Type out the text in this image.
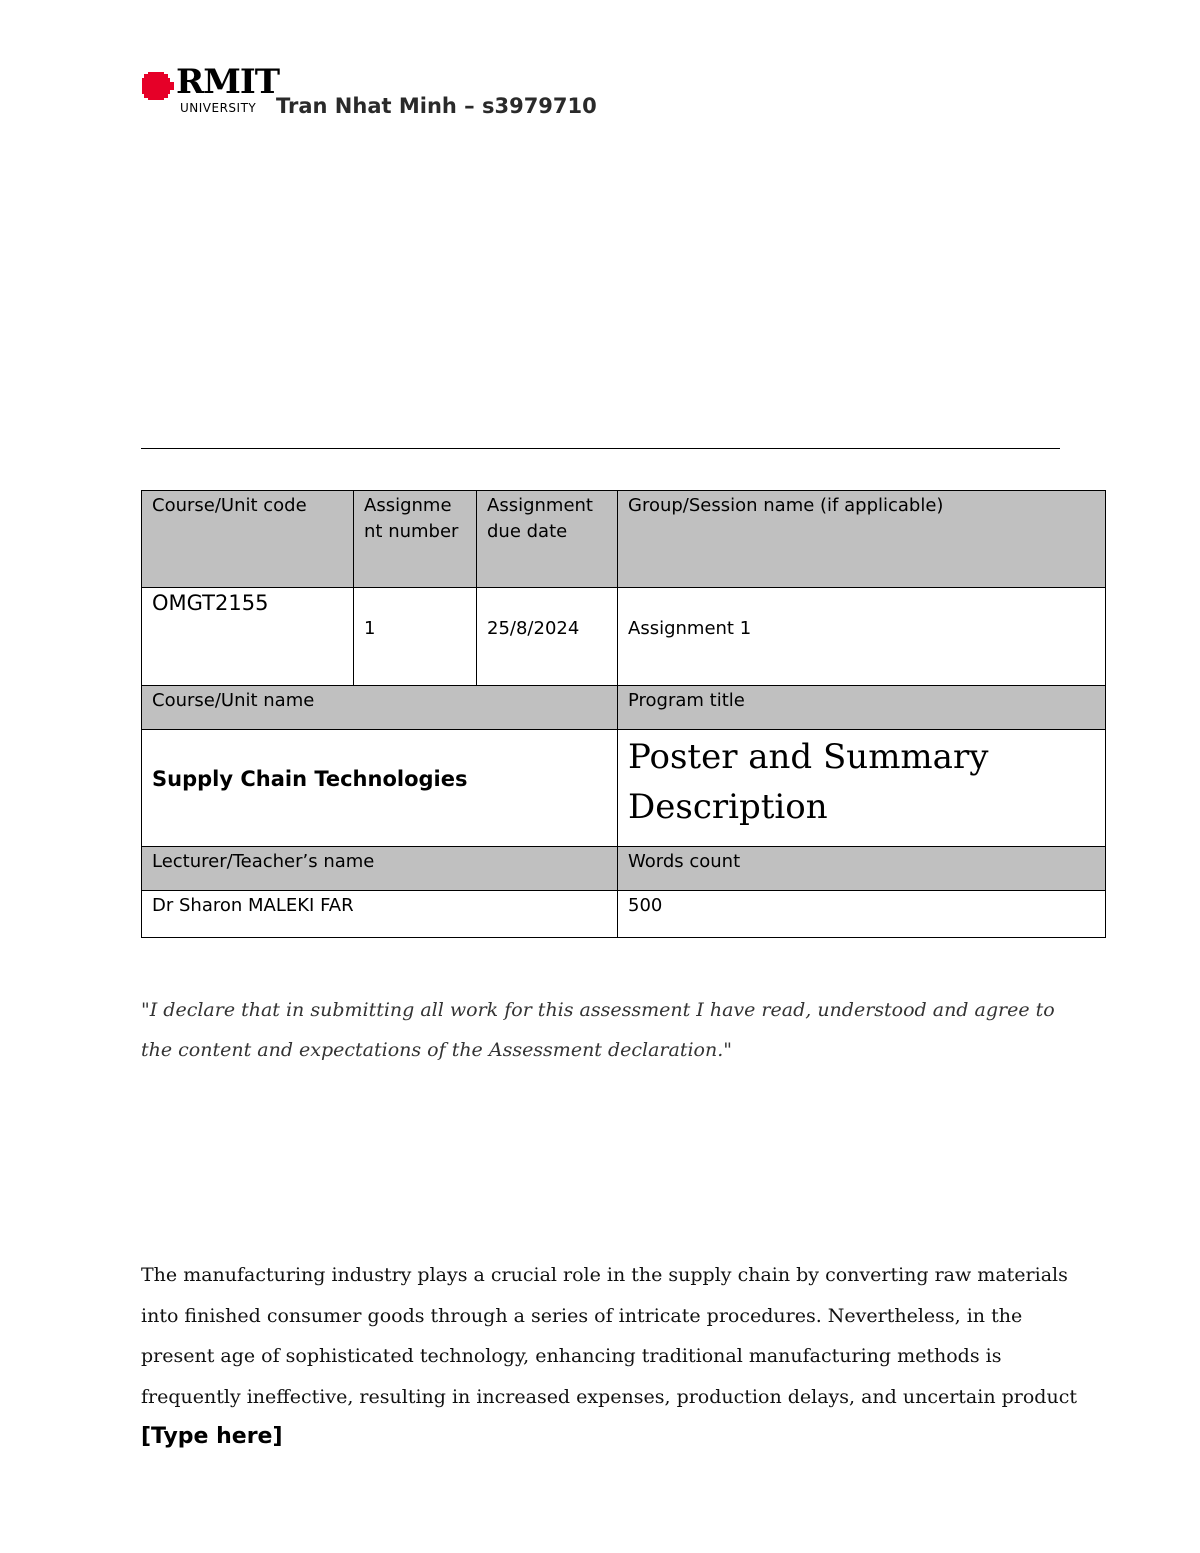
RMIT
UNIVERSITY Tran Nhat Minh – s3979710
Course/Unit code	Assignme nt number	Assignment due date	Group/Session name (if applicable)
OMGT2155	1	25/8/2024	Assignment 1

Course/Unit name			Program title

Supply Chain Technologies			Poster and Summary Description

Lecturer/Teacher’s name			Words count
Dr Sharon MALEKI FAR			500
"I declare that in submitting all work for this assessment I have read, understood and agree to the content and expectations of the Assessment declaration."
The manufacturing industry plays a crucial role in the supply chain by converting raw materials into finished consumer goods through a series of intricate procedures. Nevertheless, in the present age of sophisticated technology, enhancing traditional manufacturing methods is frequently ineffective, resulting in increased expenses, production delays, and uncertain product
[Type here]
